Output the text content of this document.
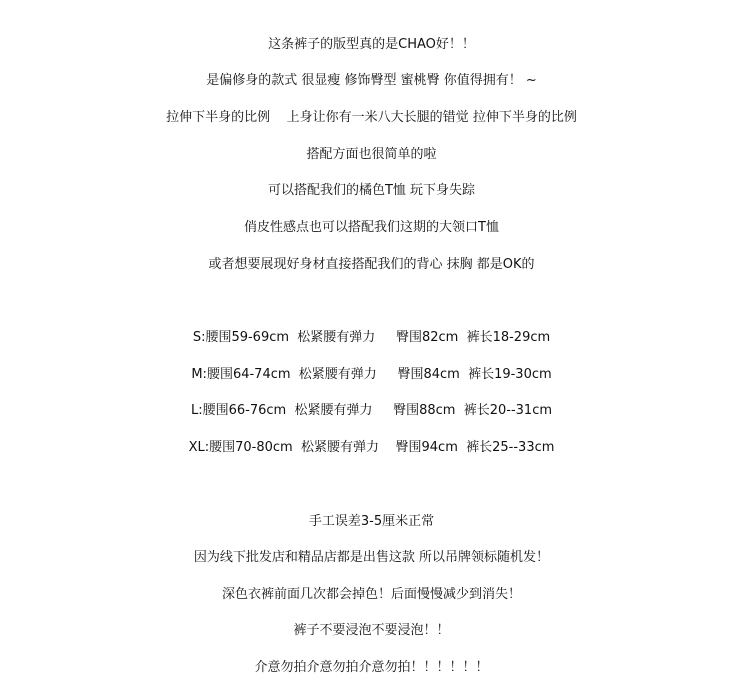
这条裤子的版型真的是CHAO好！！
是偏修身的款式 很显瘦 修饰臀型 蜜桃臀 你值得拥有！ ~
拉伸下半身的比例    上身让你有一米八大长腿的错觉 拉伸下半身的比例
搭配方面也很简单的啦
可以搭配我们的橘色T恤 玩下身失踪
俏皮性感点也可以搭配我们这期的大领口T恤
或者想要展现好身材直接搭配我们的背心 抹胸 都是OK的
S:腰围59-69cm  松紧腰有弹力     臀围82cm  裤长18-29cm
M:腰围64-74cm  松紧腰有弹力     臀围84cm  裤长19-30cm
L:腰围66-76cm  松紧腰有弹力     臀围88cm  裤长20--31cm
XL:腰围70-80cm  松紧腰有弹力    臀围94cm  裤长25--33cm
手工误差3-5厘米正常
因为线下批发店和精品店都是出售这款 所以吊牌领标随机发！
深色衣裤前面几次都会掉色！后面慢慢减少到消失！
裤子不要浸泡不要浸泡！！
介意勿拍介意勿拍介意勿拍！！！！！！
